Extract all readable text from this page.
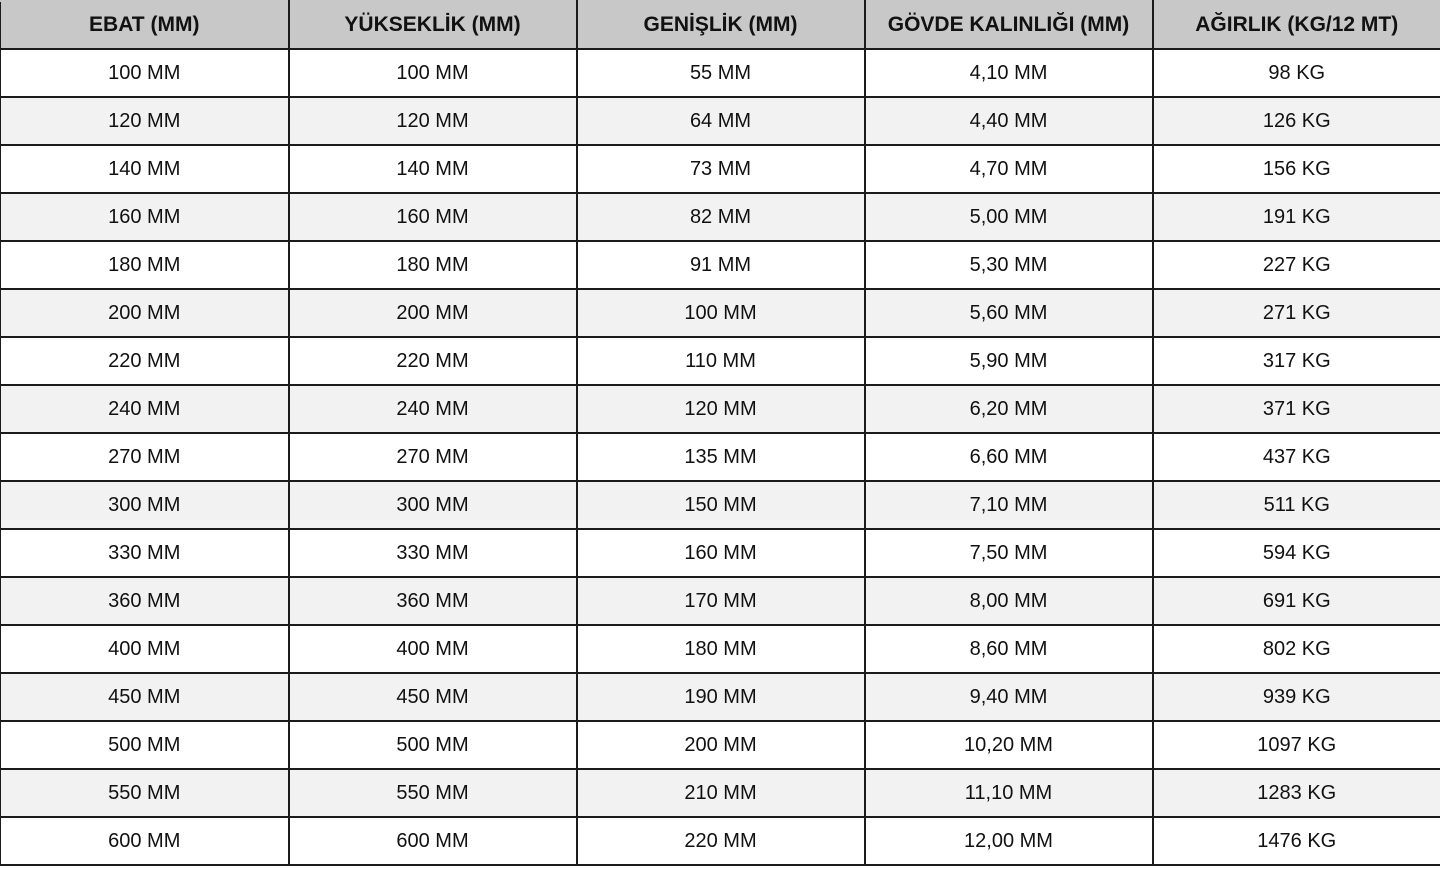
EBAT (MM)	YÜKSEKLİK (MM)	GENİŞLİK (MM)	GÖVDE KALINLIĞI (MM)	AĞIRLIK (KG/12 MT)
100 MM	100 MM	55 MM	4,10 MM	98 KG
120 MM	120 MM	64 MM	4,40 MM	126 KG
140 MM	140 MM	73 MM	4,70 MM	156 KG
160 MM	160 MM	82 MM	5,00 MM	191 KG
180 MM	180 MM	91 MM	5,30 MM	227 KG
200 MM	200 MM	100 MM	5,60 MM	271 KG
220 MM	220 MM	110 MM	5,90 MM	317 KG
240 MM	240 MM	120 MM	6,20 MM	371 KG
270 MM	270 MM	135 MM	6,60 MM	437 KG
300 MM	300 MM	150 MM	7,10 MM	511 KG
330 MM	330 MM	160 MM	7,50 MM	594 KG
360 MM	360 MM	170 MM	8,00 MM	691 KG
400 MM	400 MM	180 MM	8,60 MM	802 KG
450 MM	450 MM	190 MM	9,40 MM	939 KG
500 MM	500 MM	200 MM	10,20 MM	1097 KG
550 MM	550 MM	210 MM	11,10 MM	1283 KG
600 MM	600 MM	220 MM	12,00 MM	1476 KG
